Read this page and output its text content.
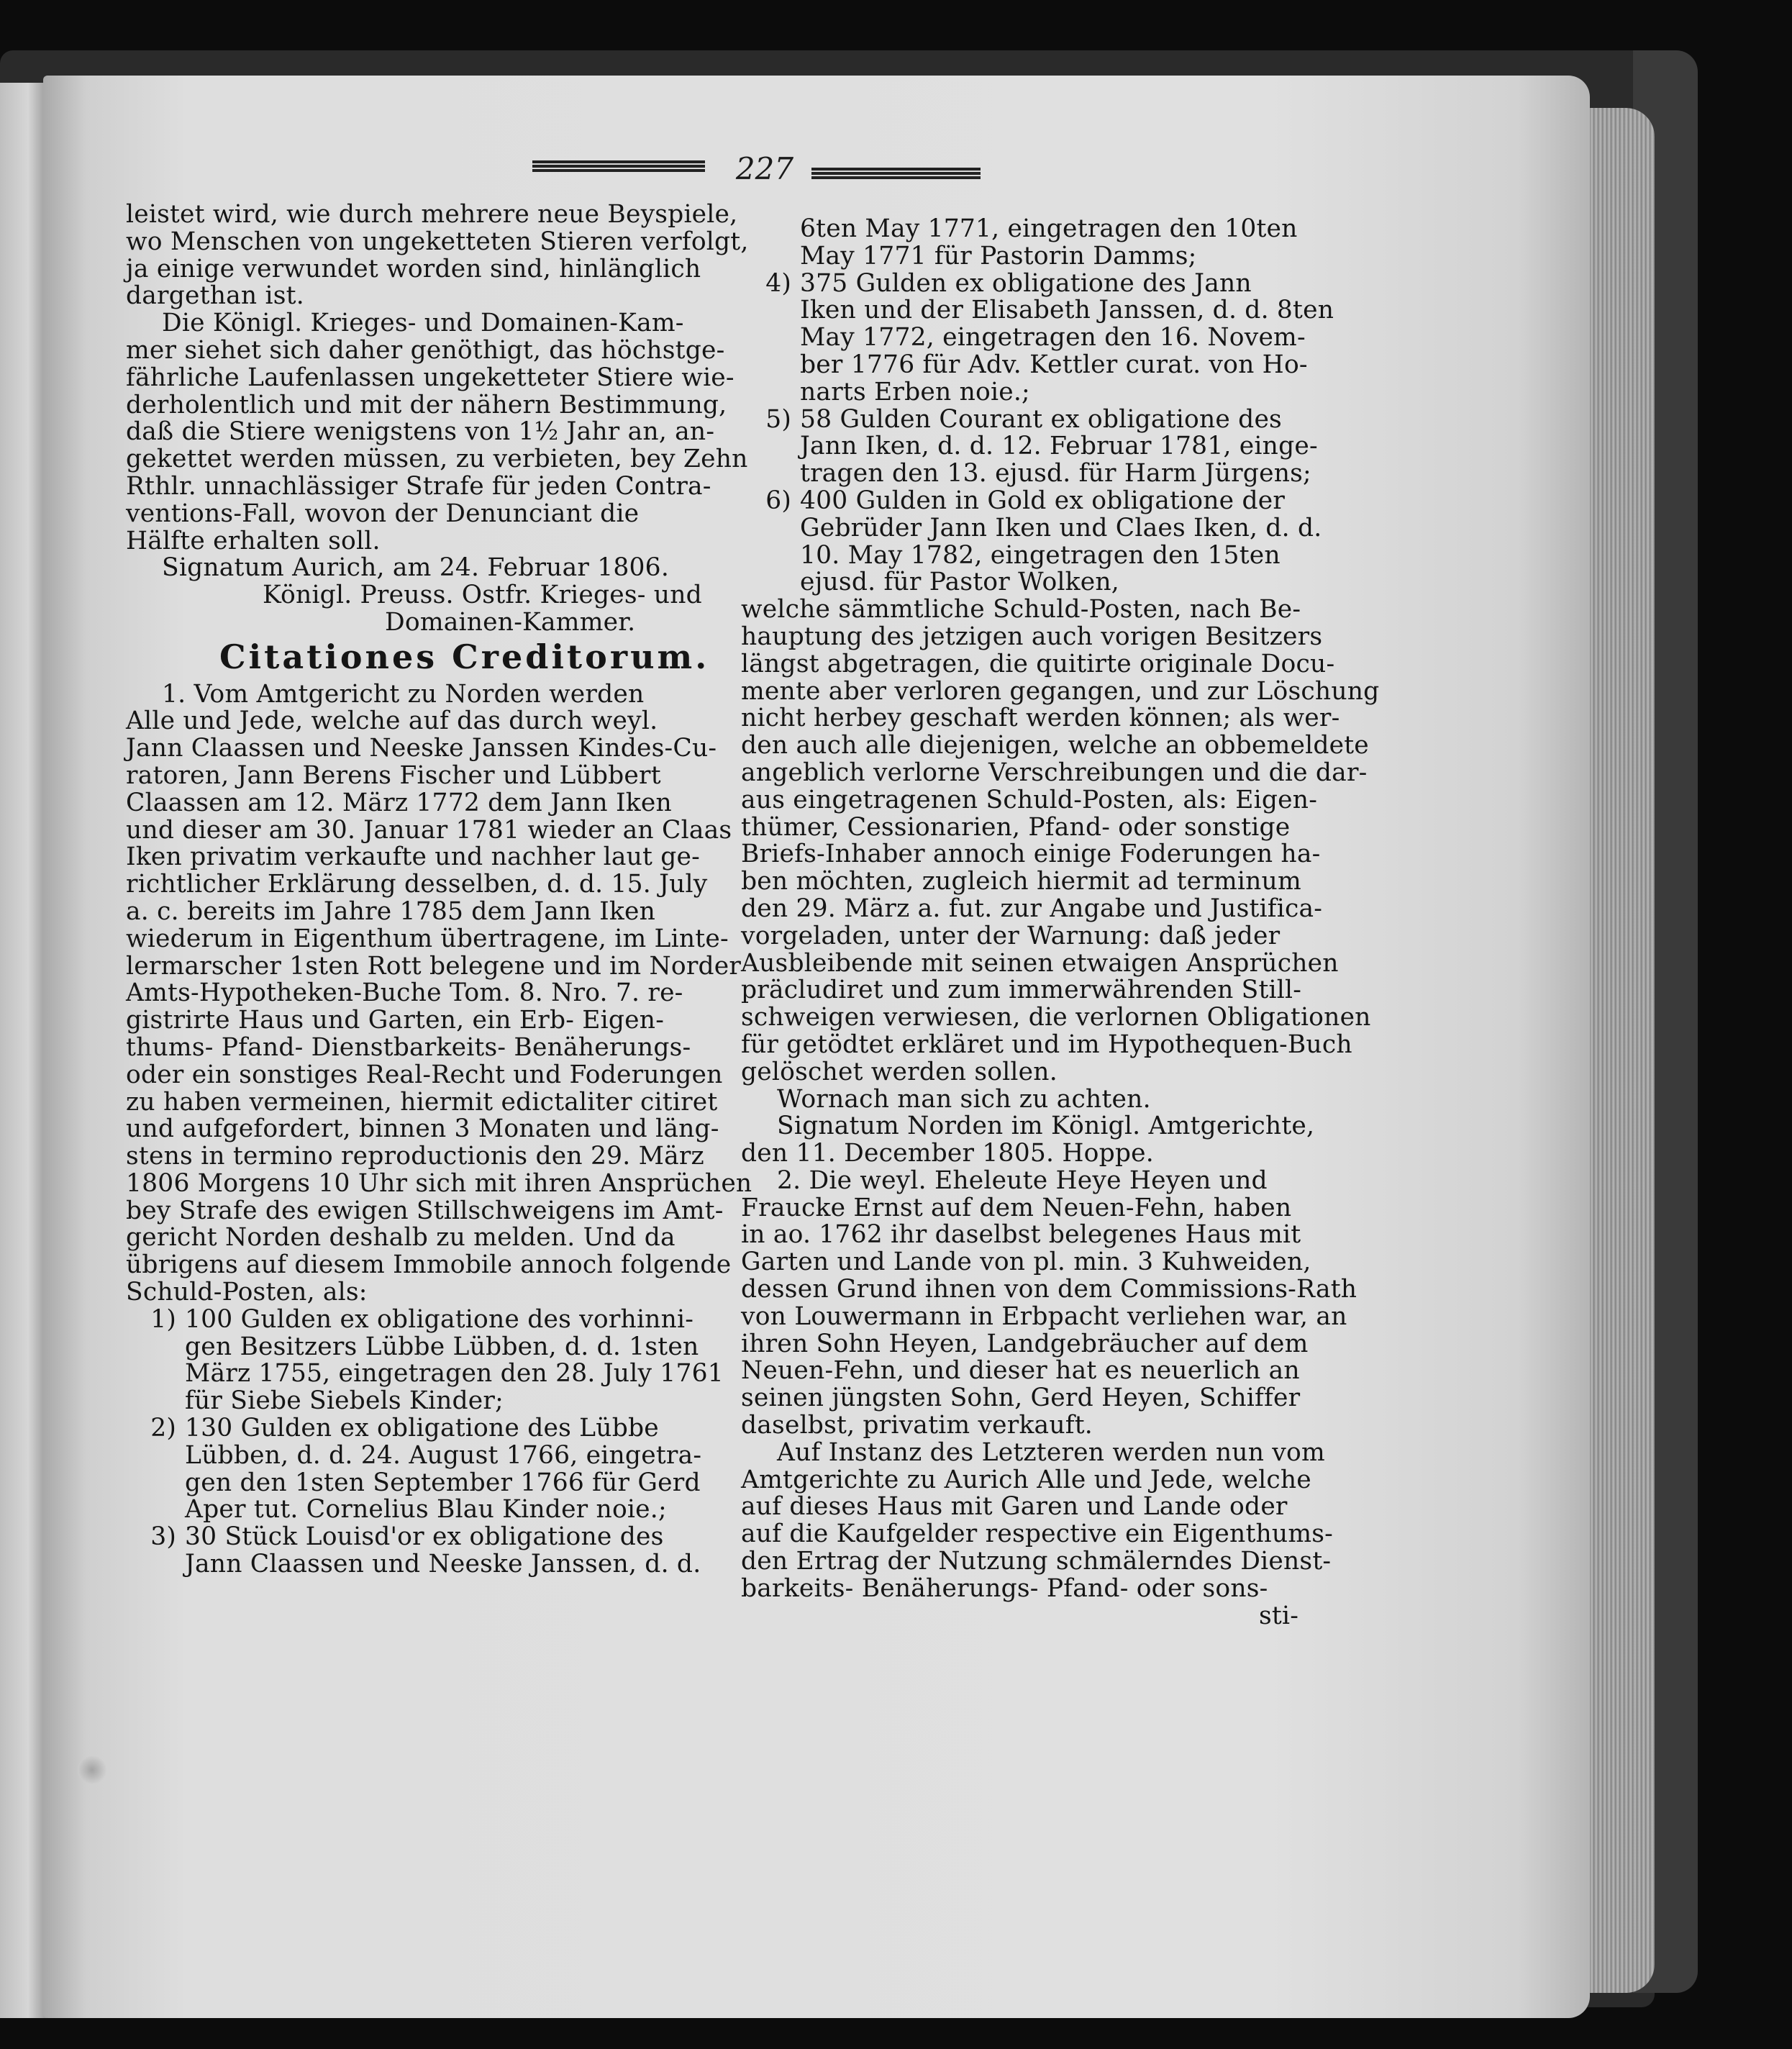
227

leistet wird, wie durch mehrere neue Beyspiele,

wo Menschen von ungeketteten Stieren verfolgt,

ja einige verwundet worden sind, hinlänglich

dargethan ist.

Die Königl. Krieges- und Domainen-Kam-

mer siehet sich daher genöthigt, das höchstge-

fährliche Laufenlassen ungeketteter Stiere wie-

derholentlich und mit der nähern Bestimmung,

daß die Stiere wenigstens von 1½ Jahr an, an-

gekettet werden müssen, zu verbieten, bey Zehn

Rthlr. unnachlässiger Strafe für jeden Contra-

ventions-Fall, wovon der Denunciant die

Hälfte erhalten soll.

Signatum Aurich, am 24. Februar 1806.

Königl. Preuss. Ostfr. Krieges- und

Domainen-Kammer.

Citationes Creditorum.

1. Vom Amtgericht zu Norden werden

Alle und Jede, welche auf das durch weyl.

Jann Claassen und Neeske Janssen Kindes-Cu-

ratoren, Jann Berens Fischer und Lübbert

Claassen am 12. März 1772 dem Jann Iken

und dieser am 30. Januar 1781 wieder an Claas

Iken privatim verkaufte und nachher laut ge-

richtlicher Erklärung desselben, d. d. 15. July

a. c. bereits im Jahre 1785 dem Jann Iken

wiederum in Eigenthum übertragene, im Linte-

lermarscher 1sten Rott belegene und im Norder

Amts-Hypotheken-Buche Tom. 8. Nro. 7. re-

gistrirte Haus und Garten, ein Erb- Eigen-

thums- Pfand- Dienstbarkeits- Benäherungs-

oder ein sonstiges Real-Recht und Foderungen

zu haben vermeinen, hiermit edictaliter citiret

und aufgefordert, binnen 3 Monaten und läng-

stens in termino reproductionis den 29. März

1806 Morgens 10 Uhr sich mit ihren Ansprüchen

bey Strafe des ewigen Stillschweigens im Amt-

gericht Norden deshalb zu melden. Und da

übrigens auf diesem Immobile annoch folgende

Schuld-Posten, als:

1) 100 Gulden ex obligatione des vorhinni-

gen Besitzers Lübbe Lübben, d. d. 1sten

März 1755, eingetragen den 28. July 1761

für Siebe Siebels Kinder;

2) 130 Gulden ex obligatione des Lübbe

Lübben, d. d. 24. August 1766, eingetra-

gen den 1sten September 1766 für Gerd

Aper tut. Cornelius Blau Kinder noie.;

3) 30 Stück Louisd'or ex obligatione des

Jann Claassen und Neeske Janssen, d. d.

6ten May 1771, eingetragen den 10ten

May 1771 für Pastorin Damms;

4) 375 Gulden ex obligatione des Jann

Iken und der Elisabeth Janssen, d. d. 8ten

May 1772, eingetragen den 16. Novem-

ber 1776 für Adv. Kettler curat. von Ho-

narts Erben noie.;

5) 58 Gulden Courant ex obligatione des

Jann Iken, d. d. 12. Februar 1781, einge-

tragen den 13. ejusd. für Harm Jürgens;

6) 400 Gulden in Gold ex obligatione der

Gebrüder Jann Iken und Claes Iken, d. d.

10. May 1782, eingetragen den 15ten

ejusd. für Pastor Wolken,

welche sämmtliche Schuld-Posten, nach Be-

hauptung des jetzigen auch vorigen Besitzers

längst abgetragen, die quitirte originale Docu-

mente aber verloren gegangen, und zur Löschung

nicht herbey geschaft werden können; als wer-

den auch alle diejenigen, welche an obbemeldete

angeblich verlorne Verschreibungen und die dar-

aus eingetragenen Schuld-Posten, als: Eigen-

thümer, Cessionarien, Pfand- oder sonstige

Briefs-Inhaber annoch einige Foderungen ha-

ben möchten, zugleich hiermit ad terminum

den 29. März a. fut. zur Angabe und Justifica-

vorgeladen, unter der Warnung: daß jeder

Ausbleibende mit seinen etwaigen Ansprüchen

präcludiret und zum immerwährenden Still-

schweigen verwiesen, die verlornen Obligationen

für getödtet erkläret und im Hypothequen-Buch

gelöschet werden sollen.

Wornach man sich zu achten.

Signatum Norden im Königl. Amtgerichte,

den 11. December 1805. Hoppe.

2. Die weyl. Eheleute Heye Heyen und

Fraucke Ernst auf dem Neuen-Fehn, haben

in ao. 1762 ihr daselbst belegenes Haus mit

Garten und Lande von pl. min. 3 Kuhweiden,

dessen Grund ihnen von dem Commissions-Rath

von Louwermann in Erbpacht verliehen war, an

ihren Sohn Heyen, Landgebräucher auf dem

Neuen-Fehn, und dieser hat es neuerlich an

seinen jüngsten Sohn, Gerd Heyen, Schiffer

daselbst, privatim verkauft.

Auf Instanz des Letzteren werden nun vom

Amtgerichte zu Aurich Alle und Jede, welche

auf dieses Haus mit Garen und Lande oder

auf die Kaufgelder respective ein Eigenthums-

den Ertrag der Nutzung schmälerndes Dienst-

barkeits- Benäherungs- Pfand- oder sons-

sti-
